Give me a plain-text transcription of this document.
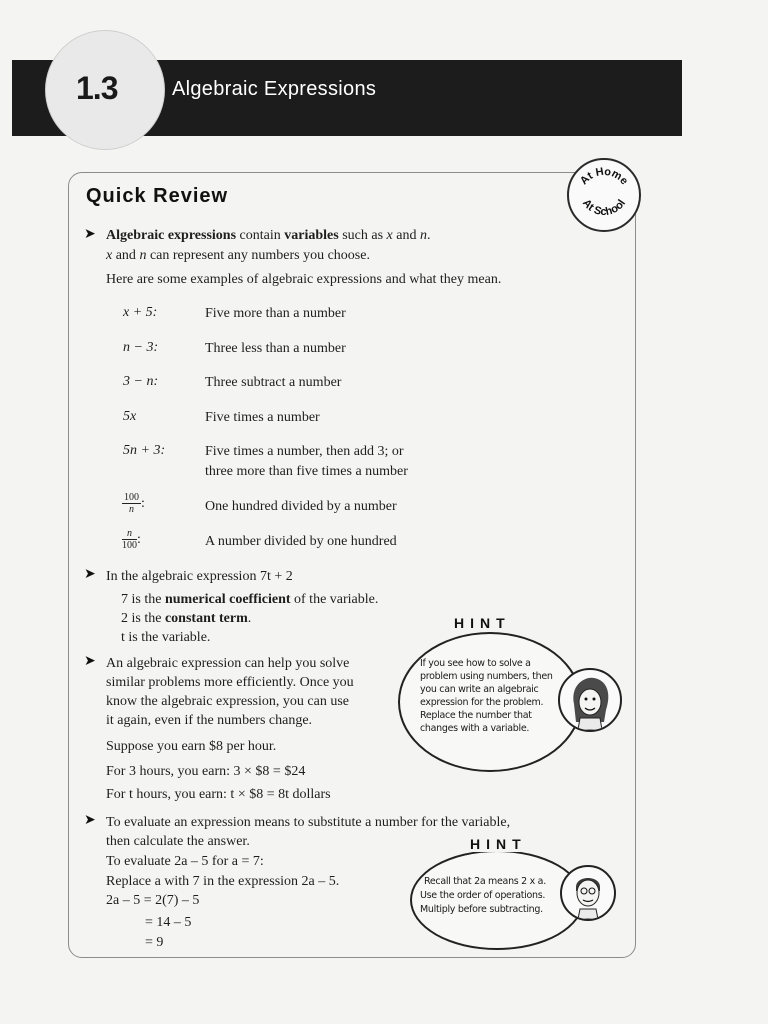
1.3	Algebraic Expressions
Quick Review
At Home
At School
➤ Algebraic expressions contain variables such as x and n.
x and n can represent any numbers you choose.
Here are some examples of algebraic expressions and what they mean.
x + 5:	Five more than a number
n − 3:	Three less than a number
3 − n:	Three subtract a number
5x	Five times a number
5n + 3:	Five times a number, then add 3; or
three more than five times a number
$\frac{100}{n}$ :	One hundred divided by a number
$\frac{n}{100}$ :	A number divided by one hundred
➤ In the algebraic expression 7t + 2
7 is the numerical coefficient of the variable.
2 is the constant term.
t is the variable.
➤ An algebraic expression can help you solve
similar problems more efficiently. Once you
know the algebraic expression, you can use
it again, even if the numbers change.
Suppose you earn $8 per hour.
For 3 hours, you earn: 3 × $8 = $24
For t hours, you earn: t × $8 = 8t dollars
➤ To evaluate an expression means to substitute a number for the variable,
then calculate the answer.
To evaluate 2a – 5 for a = 7:
Replace a with 7 in the expression 2a – 5.
2a – 5 = 2(7) – 5
= 14 – 5
= 9
HINT
If you see how to solve a
problem using numbers, then
you can write an algebraic
expression for the problem.
Replace the number that
changes with a variable.
HINT
Recall that 2a means 2 x a.
Use the order of operations.
Multiply before subtracting.
